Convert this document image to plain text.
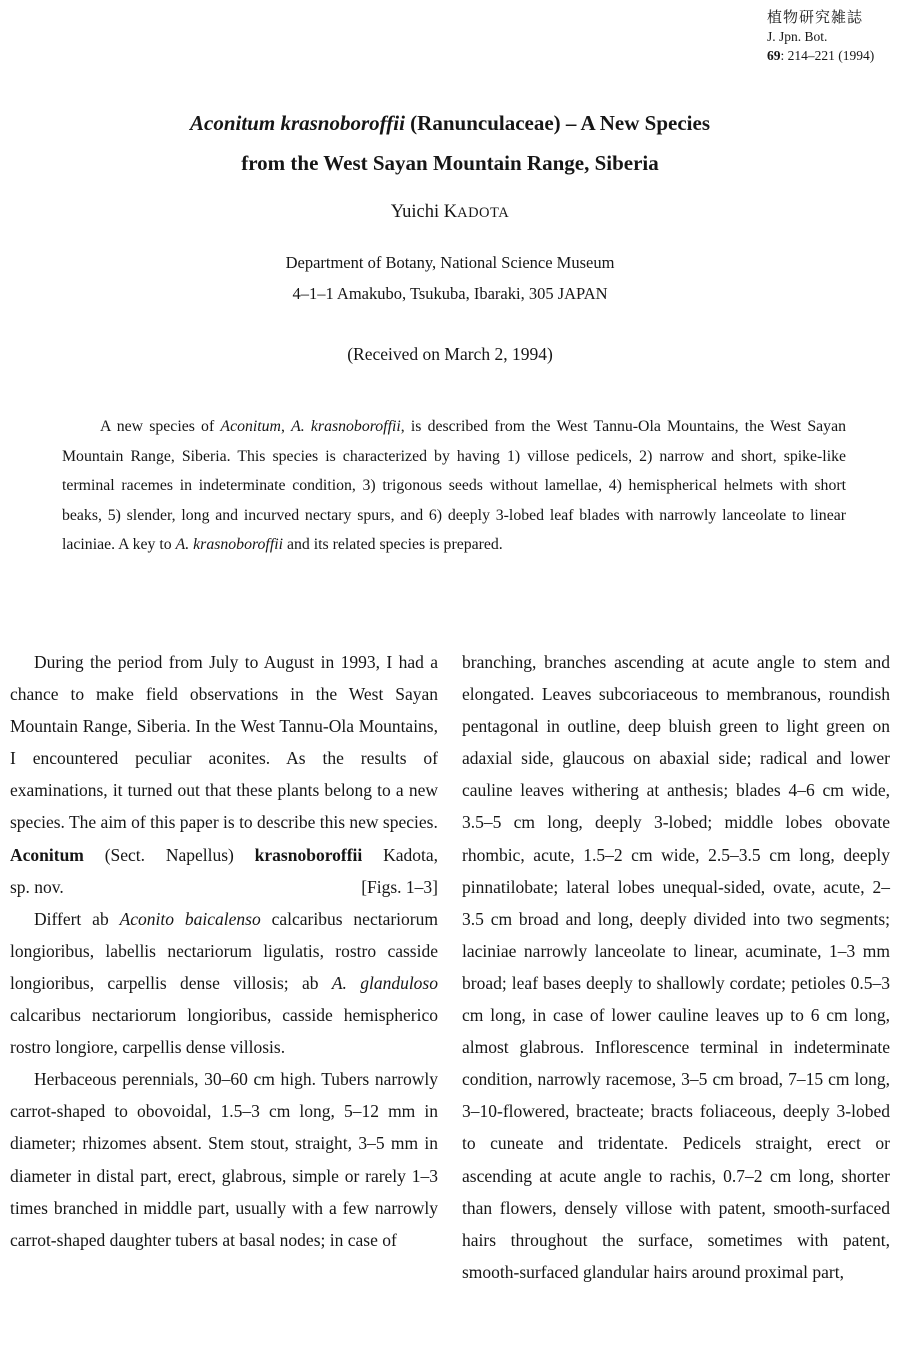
植物研究雑誌
J. Jpn. Bot.
69: 214–221 (1994)
Aconitum krasnoboroffii (Ranunculaceae) – A New Species
from the West Sayan Mountain Range, Siberia
Yuichi KADOTA
Department of Botany, National Science Museum
4–1–1 Amakubo, Tsukuba, Ibaraki, 305 JAPAN
(Received on March 2, 1994)
A new species of Aconitum, A. krasnoboroffii, is described from the West Tannu-Ola Mountains, the West Sayan Mountain Range, Siberia. This species is characterized by having 1) villose pedicels, 2) narrow and short, spike-like terminal racemes in indeterminate condition, 3) trigonous seeds without lamellae, 4) hemispherical helmets with short beaks, 5) slender, long and incurved nectary spurs, and 6) deeply 3-lobed leaf blades with narrowly lanceolate to linear laciniae. A key to A. krasnoboroffii and its related species is prepared.

During the period from July to August in 1993, I had a chance to make field observations in the West Sayan Mountain Range, Siberia. In the West Tannu-Ola Mountains, I encountered peculiar aconites. As the results of examinations, it turned out that these plants belong to a new species. The aim of this paper is to describe this new species.

Aconitum (Sect. Napellus) krasnoboroffii Kadota,

sp. nov.	[Figs. 1–3]

Differt ab Aconito baicalenso calcaribus nectariorum longioribus, labellis nectariorum ligulatis, rostro casside longioribus, carpellis dense villosis; ab A. glanduloso calcaribus nectariorum longioribus, casside hemispherico rostro longiore, carpellis dense villosis.

Herbaceous perennials, 30–60 cm high. Tubers narrowly carrot-shaped to obovoidal, 1.5–3 cm long, 5–12 mm in diameter; rhizomes absent. Stem stout, straight, 3–5 mm in diameter in distal part, erect, glabrous, simple or rarely 1–3 times branched in middle part, usually with a few narrowly carrot-shaped daughter tubers at basal nodes; in case of

branching, branches ascending at acute angle to stem and elongated. Leaves subcoriaceous to membranous, roundish pentagonal in outline, deep bluish green to light green on adaxial side, glaucous on abaxial side; radical and lower cauline leaves withering at anthesis; blades 4–6 cm wide, 3.5–5 cm long, deeply 3-lobed; middle lobes obovate rhombic, acute, 1.5–2 cm wide, 2.5–3.5 cm long, deeply pinnatilobate; lateral lobes unequal-sided, ovate, acute, 2–3.5 cm broad and long, deeply divided into two segments; laciniae narrowly lanceolate to linear, acuminate, 1–3 mm broad; leaf bases deeply to shallowly cordate; petioles 0.5–3 cm long, in case of lower cauline leaves up to 6 cm long, almost glabrous. Inflorescence terminal in indeterminate condition, narrowly racemose, 3–5 cm broad, 7–15 cm long, 3–10-flowered, bracteate; bracts foliaceous, deeply 3-lobed to cuneate and tridentate. Pedicels straight, erect or ascending at acute angle to rachis, 0.7–2 cm long, shorter than flowers, densely villose with patent, smooth-surfaced hairs throughout the surface, sometimes with patent, smooth-surfaced glandular hairs around proximal part,
